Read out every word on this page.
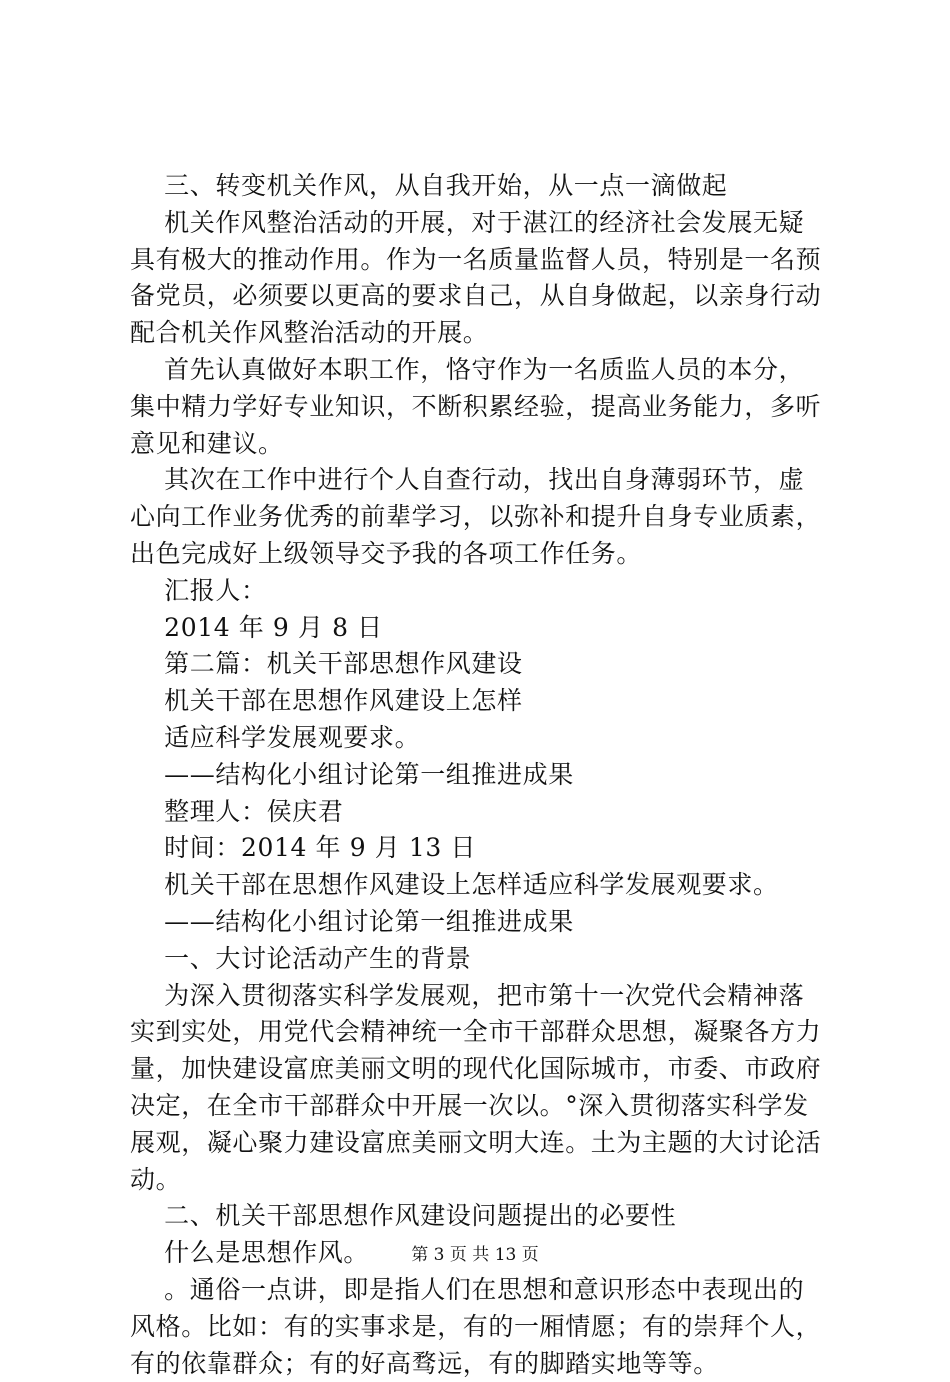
三、转变机关作风，从自我开始，从一点一滴做起
机关作风整治活动的开展，对于湛江的经济社会发展无疑
具有极大的推动作用。作为一名质量监督人员，特别是一名预
备党员，必须要以更高的要求自己，从自身做起，以亲身行动
配合机关作风整治活动的开展。
首先认真做好本职工作，恪守作为一名质监人员的本分，
集中精力学好专业知识，不断积累经验，提高业务能力，多听
意见和建议。
其次在工作中进行个人自查行动，找出自身薄弱环节，虚
心向工作业务优秀的前辈学习，以弥补和提升自身专业质素，
出色完成好上级领导交予我的各项工作任务。
汇报人：
2014 年 9 月 8 日
第二篇：机关干部思想作风建设
机关干部在思想作风建设上怎样
适应科学发展观要求。
——结构化小组讨论第一组推进成果
整理人：侯庆君
时间：2014 年 9 月 13 日
机关干部在思想作风建设上怎样适应科学发展观要求。
——结构化小组讨论第一组推进成果
一、大讨论活动产生的背景
为深入贯彻落实科学发展观，把市第十一次党代会精神落
实到实处，用党代会精神统一全市干部群众思想，凝聚各方力
量，加快建设富庶美丽文明的现代化国际城市，市委、市政府
决定，在全市干部群众中开展一次以。°深入贯彻落实科学发
展观，凝心聚力建设富庶美丽文明大连。土为主题的大讨论活
动。
二、机关干部思想作风建设问题提出的必要性
什么是思想作风。
。通俗一点讲，即是指人们在思想和意识形态中表现出的
风格。比如：有的实事求是，有的一厢情愿；有的崇拜个人，
有的依靠群众；有的好高骛远，有的脚踏实地等等。
第 3 页 共 13 页
